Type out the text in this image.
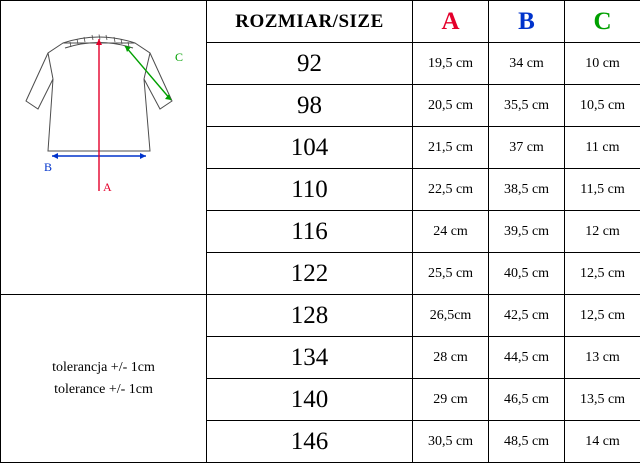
C
B
A	ROZMIAR/SIZE	A	B	C
	92	19,5 cm	34 cm	10 cm
	98	20,5 cm	35,5 cm	10,5 cm
	104	21,5 cm	37 cm	11 cm
	110	22,5 cm	38,5 cm	11,5 cm
	116	24 cm	39,5 cm	12 cm
	122	25,5 cm	40,5 cm	12,5 cm

tolerancja +/- 1cm
tolerance +/- 1cm	128	26,5cm	42,5 cm	12,5 cm
	134	28 cm	44,5 cm	13 cm
	140	29 cm	46,5 cm	13,5 cm
	146	30,5 cm	48,5 cm	14 cm
